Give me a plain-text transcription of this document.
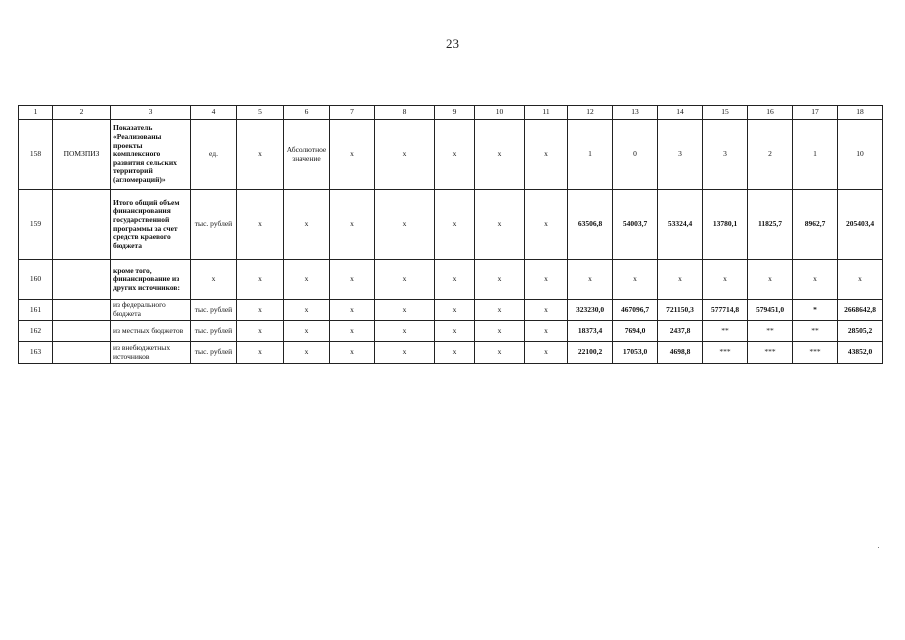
23
1	2	3	4	5	6	7	8	9	10	11	12	13	14	15	16	17	18
158	ПОМЗПИЗ	Показатель «Реализованы проекты комплексного развития сельских территорий (агломераций)»	ед.	х	Абсолютное значение	х	х	х	х	х	1	0	3	3	2	1	10
159		Итого общий объем финансирования государственной программы за счет средств краевого бюджета	тыс. рублей	х	х	х	х	х	х	х	63506,8	54003,7	53324,4	13780,1	11825,7	8962,7	205403,4
160		кроме того, финансирование из других источников:	х	х	х	х	х	х	х	х	х	х	х	х	х	х	х
161		из федерального бюджета	тыс. рублей	х	х	х	х	х	х	х	323230,0	467096,7	721150,3	577714,8	579451,0	*	2668642,8
162		из местных бюджетов	тыс. рублей	х	х	х	х	х	х	х	18373,4	7694,0	2437,8	**	**	**	28505,2
163		из внебюджетных источников	тыс. рублей	х	х	х	х	х	х	х	22100,2	17053,0	4698,8	***	***	***	43852,0
